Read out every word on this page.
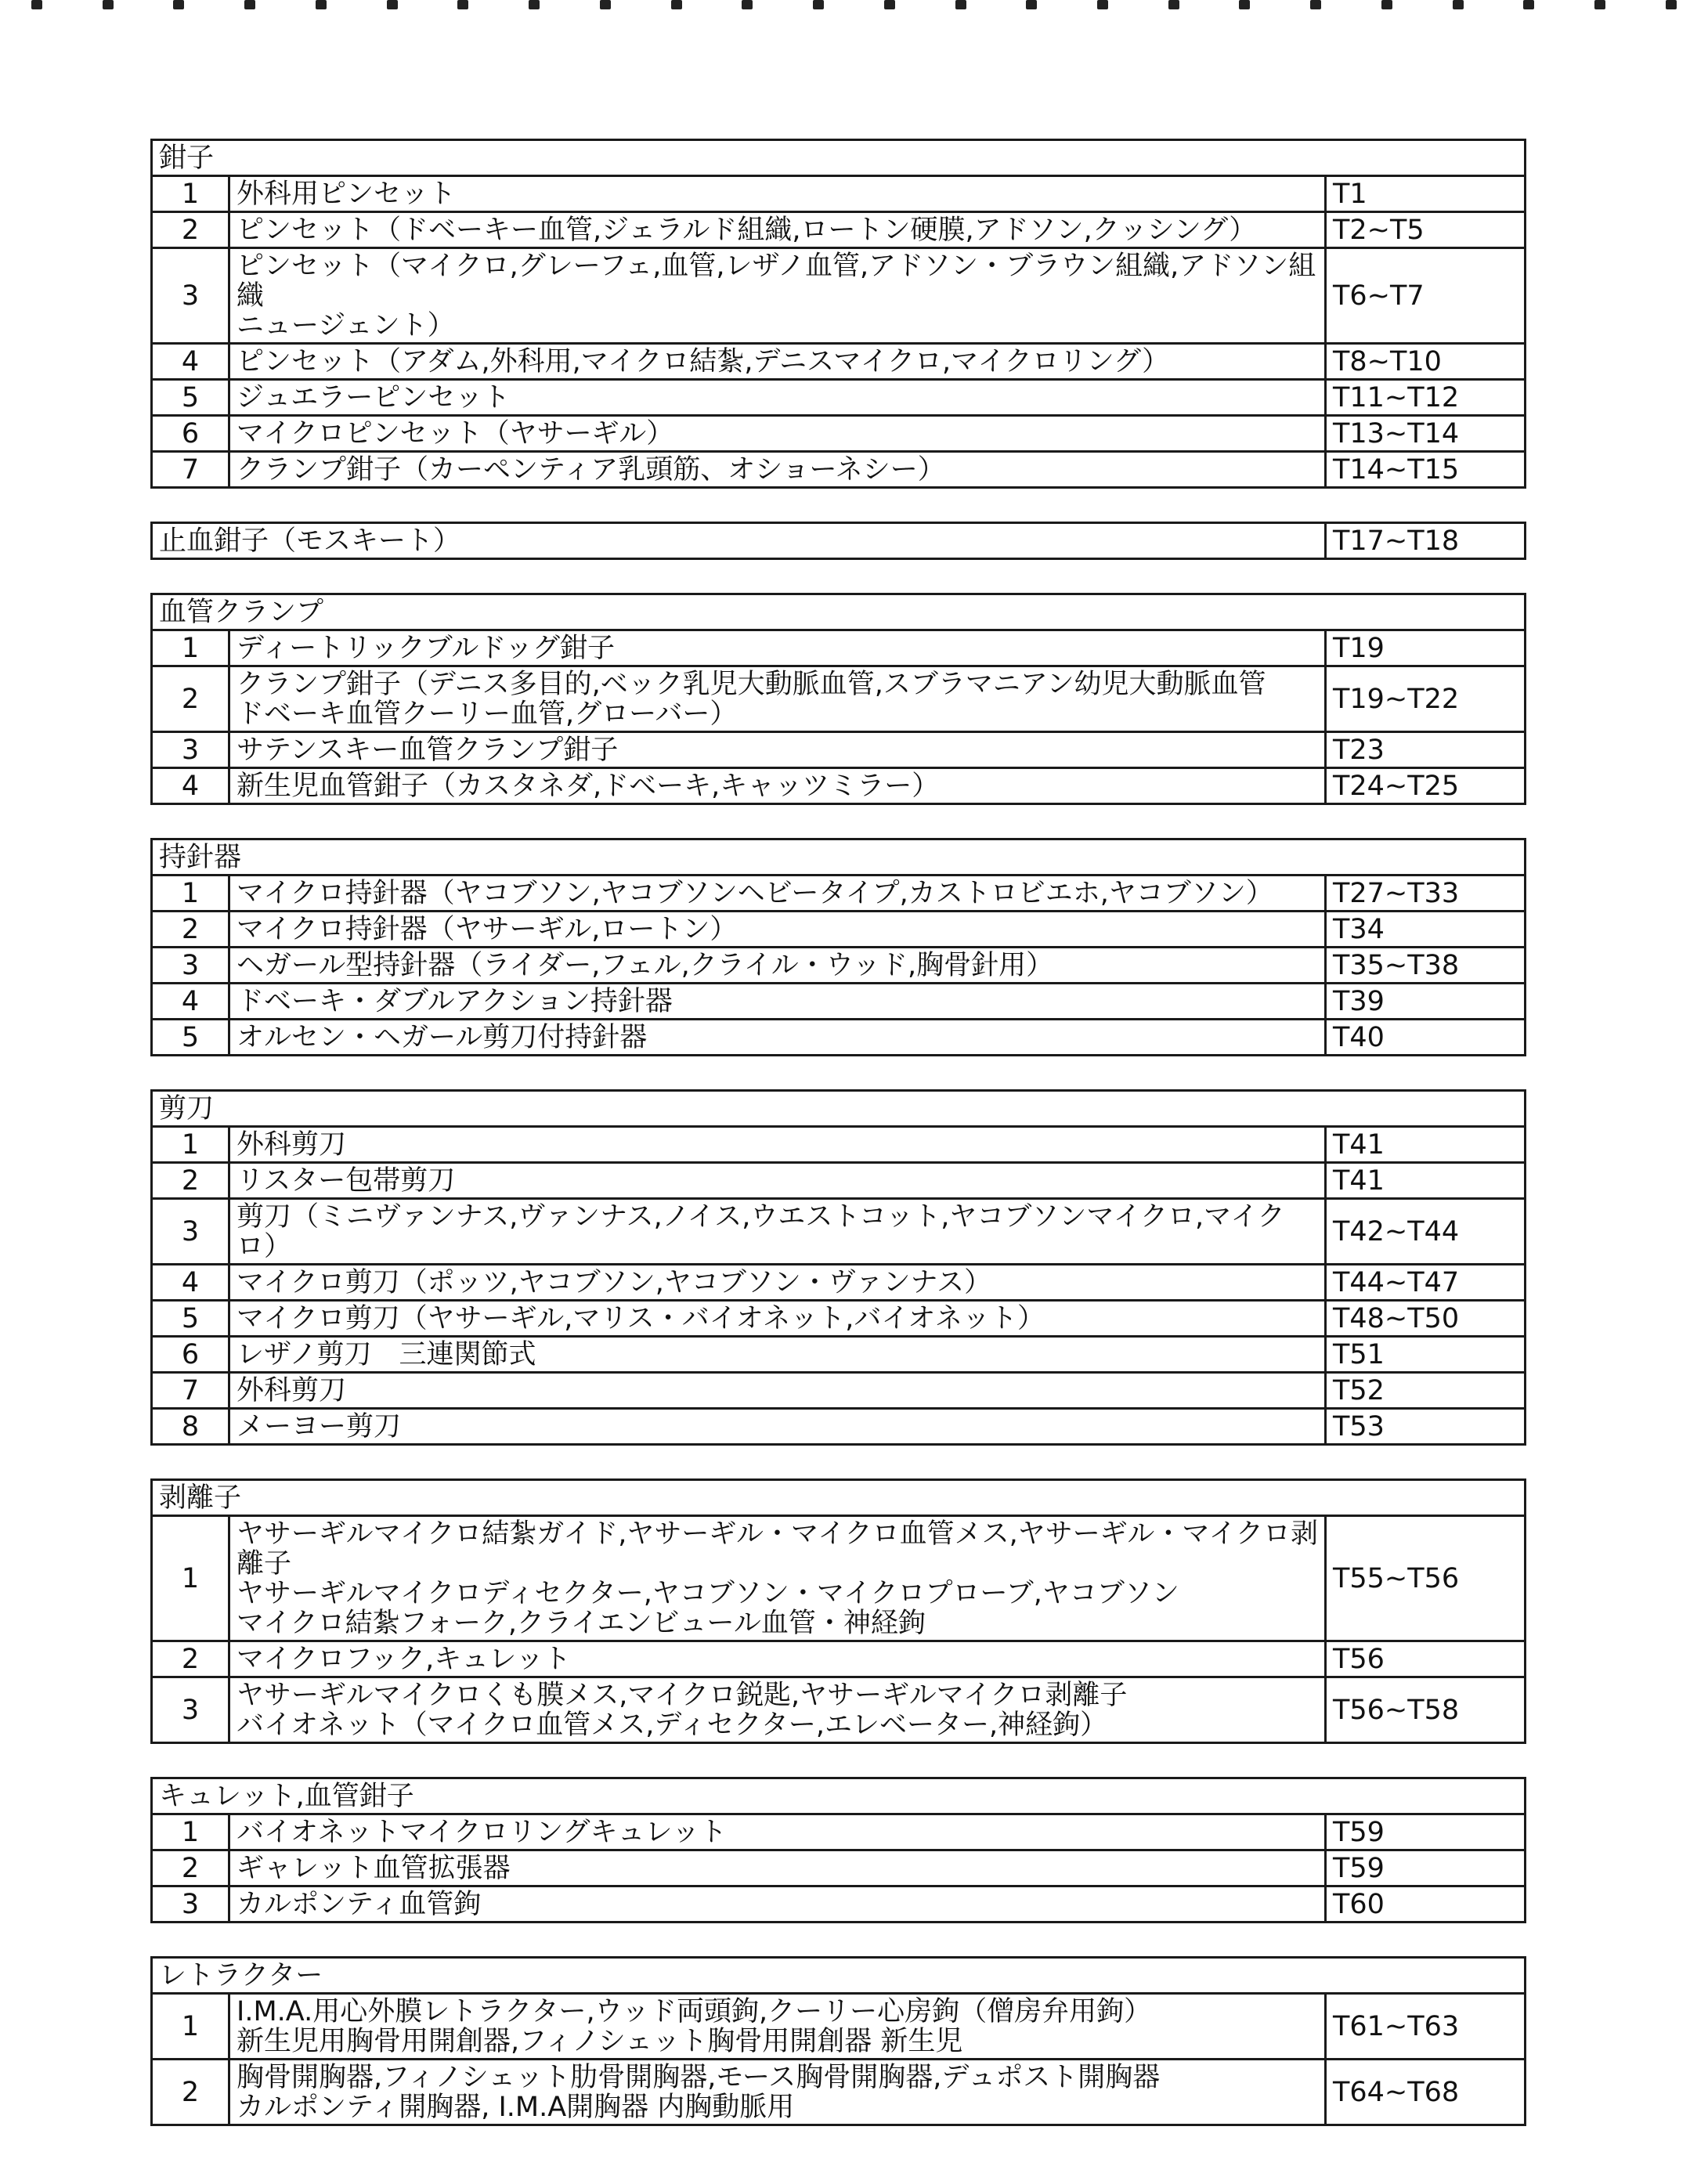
鉗子		
1	外科用ピンセット	T1
2	ピンセット（ドベーキー血管,ジェラルド組織,ロートン硬膜,アドソン,クッシング）	T2~T5
3	ピンセット（マイクロ,グレーフェ,血管,レザノ血管,アドソン・ブラウン組織,アドソン組織
ニュージェント）	T6~T7
4	ピンセット（アダム,外科用,マイクロ結紮,デニスマイクロ,マイクロリング）	T8~T10
5	ジュエラーピンセット	T11~T12
6	マイクロピンセット（ヤサーギル）	T13~T14
7	クランプ鉗子（カーペンティア乳頭筋、オショーネシー）	T14~T15
止血鉗子（モスキート）	T17~T18
血管クランプ		
1	ディートリックブルドッグ鉗子	T19
2	クランプ鉗子（デニス多目的,ベック乳児大動脈血管,スブラマニアン幼児大動脈血管
ドベーキ血管クーリー血管,グローバー）	T19~T22
3	サテンスキー血管クランプ鉗子	T23
4	新生児血管鉗子（カスタネダ,ドベーキ,キャッツミラー）	T24~T25
持針器		
1	マイクロ持針器（ヤコブソン,ヤコブソンヘビータイプ,カストロビエホ,ヤコブソン）	T27~T33
2	マイクロ持針器（ヤサーギル,ロートン）	T34
3	ヘガール型持針器（ライダー,フェル,クライル・ウッド,胸骨針用）	T35~T38
4	ドベーキ・ダブルアクション持針器	T39
5	オルセン・ヘガール剪刀付持針器	T40
剪刀		
1	外科剪刀	T41
2	リスター包帯剪刀	T41
3	剪刀（ミニヴァンナス,ヴァンナス,ノイス,ウエストコット,ヤコブソンマイクロ,マイクロ）	T42~T44
4	マイクロ剪刀（ポッツ,ヤコブソン,ヤコブソン・ヴァンナス）	T44~T47
5	マイクロ剪刀（ヤサーギル,マリス・バイオネット,バイオネット）	T48~T50
6	レザノ剪刀　三連関節式	T51
7	外科剪刀	T52
8	メーヨー剪刀	T53
剥離子		
1	ヤサーギルマイクロ結紮ガイド,ヤサーギル・マイクロ血管メス,ヤサーギル・マイクロ剥離子
ヤサーギルマイクロディセクター,ヤコブソン・マイクロプローブ,ヤコブソン
マイクロ結紮フォーク,クライエンビュール血管・神経鉤	T55~T56
2	マイクロフック,キュレット	T56
3	ヤサーギルマイクロくも膜メス,マイクロ鋭匙,ヤサーギルマイクロ剥離子
バイオネット（マイクロ血管メス,ディセクター,エレベーター,神経鉤）	T56~T58
キュレット,血管鉗子		
1	バイオネットマイクロリングキュレット	T59
2	ギャレット血管拡張器	T59
3	カルポンティ血管鉤	T60
レトラクター		
1	I.M.A.用心外膜レトラクター,ウッド両頭鉤,クーリー心房鉤（僧房弁用鉤）
新生児用胸骨用開創器,フィノシェット胸骨用開創器 新生児	T61~T63
2	胸骨開胸器,フィノシェット肋骨開胸器,モース胸骨開胸器,デュポスト開胸器
カルポンティ開胸器, I.M.A開胸器 内胸動脈用	T64~T68
